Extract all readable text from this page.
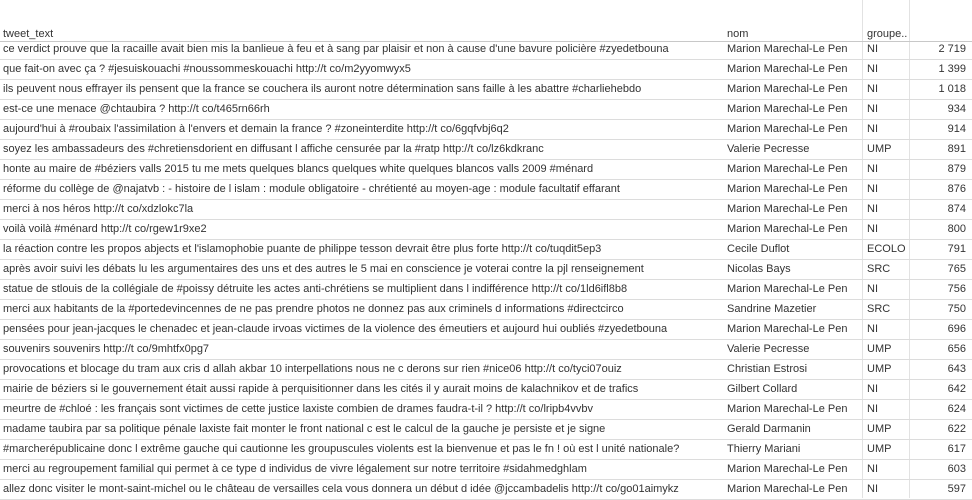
tweet_text	nom	groupe..
ce verdict prouve que la racaille avait bien mis la banlieue à feu et à sang par plaisir et non à cause d'une bavure policière #zyedetbouna	Marion Marechal-Le Pen	NI	2 719
que fait-on avec ça ? #jesuiskouachi #noussommeskouachi http://t co/m2yyomwyx5	Marion Marechal-Le Pen	NI	1 399
ils peuvent nous effrayer ils pensent que la france se couchera ils auront notre détermination sans faille à les abattre #charliehebdo	Marion Marechal-Le Pen	NI	1 018
est-ce une menace @chtaubira ? http://t co/t465rn66rh	Marion Marechal-Le Pen	NI	934
aujourd'hui à #roubaix l'assimilation à l'envers et demain la france ? #zoneinterdite http://t co/6gqfvbj6q2	Marion Marechal-Le Pen	NI	914
soyez les ambassadeurs des #chretiensdorient en diffusant l affiche censurée par la #ratp http://t co/lz6kdkranc	Valerie Pecresse	UMP	891
honte au maire de #béziers valls 2015 tu me mets quelques blancs quelques white quelques blancos valls 2009 #ménard	Marion Marechal-Le Pen	NI	879
réforme du collège de @najatvb : - histoire de l islam : module obligatoire - chrétienté au moyen-age : module facultatif effarant	Marion Marechal-Le Pen	NI	876
merci à nos héros http://t co/xdzlokc7la	Marion Marechal-Le Pen	NI	874
voilà voilà #ménard http://t co/rgew1r9xe2	Marion Marechal-Le Pen	NI	800
la réaction contre les propos abjects et l'islamophobie puante de philippe tesson devrait être plus forte http://t co/tuqdit5ep3	Cecile Duflot	ECOLO	791
après avoir suivi les débats lu les argumentaires des uns et des autres le 5 mai en conscience je voterai contre la pjl renseignement	Nicolas Bays	SRC	765
statue de stlouis de la collégiale de #poissy détruite les actes anti-chrétiens se multiplient dans l indifférence http://t co/1ld6ifl8b8	Marion Marechal-Le Pen	NI	756
merci aux habitants de la #portedevincennes de ne pas prendre photos ne donnez pas aux criminels d informations #directcirco	Sandrine Mazetier	SRC	750
pensées pour jean-jacques le chenadec et jean-claude irvoas victimes de la violence des émeutiers et aujourd hui oubliés #zyedetbouna	Marion Marechal-Le Pen	NI	696
souvenirs souvenirs http://t co/9mhtfx0pg7	Valerie Pecresse	UMP	656
provocations et blocage du tram aux cris d allah akbar 10 interpellations nous ne c derons sur rien #nice06 http://t co/tyci07ouiz	Christian Estrosi	UMP	643
mairie de béziers si le gouvernement était aussi rapide à perquisitionner dans les cités il y aurait moins de kalachnikov et de trafics	Gilbert Collard	NI	642
meurtre de #chloé : les français sont victimes de cette justice laxiste combien de drames faudra-t-il ? http://t co/lripb4vvbv	Marion Marechal-Le Pen	NI	624
madame taubira par sa politique pénale laxiste fait monter le front national c est le calcul de la gauche je persiste et je signe	Gerald Darmanin	UMP	622
#marcherépublicaine donc l extrême gauche qui cautionne les groupuscules violents est la bienvenue et pas le fn ! où est l unité nationale?	Thierry Mariani	UMP	617
merci au regroupement familial qui permet à ce type d individus de vivre légalement sur notre territoire #sidahmedghlam	Marion Marechal-Le Pen	NI	603
allez donc visiter le mont-saint-michel ou le château de versailles cela vous donnera un début d idée @jccambadelis http://t co/go01aimykz	Marion Marechal-Le Pen	NI	597
